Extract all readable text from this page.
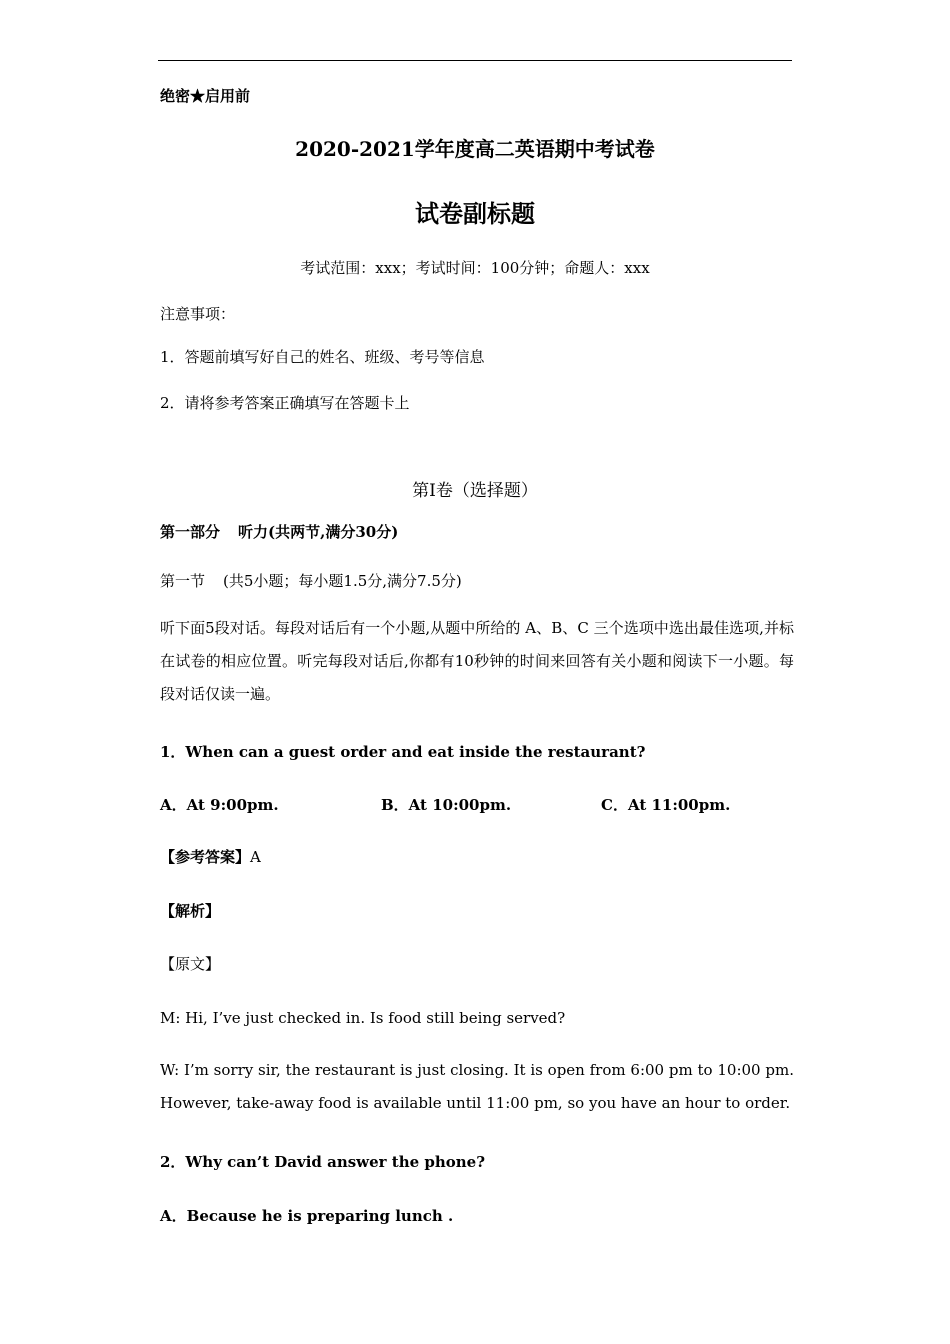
绝密★启用前
2020-2021学年度高二英语期中考试卷
试卷副标题
考试范围：xxx；考试时间：100分钟；命题人：xxx
注意事项：
1．答题前填写好自己的姓名、班级、考号等信息
2．请将参考答案正确填写在答题卡上
第I卷（选择题）
第一部分 听力(共两节,满分30分)
第一节 (共5小题；每小题1.5分,满分7.5分)
听下面5段对话。每段对话后有一个小题,从题中所给的 A、B、C 三个选项中选出最佳选项,并标在试卷的相应位置。听完每段对话后,你都有10秒钟的时间来回答有关小题和阅读下一小题。每段对话仅读一遍。
1．When can a guest order and eat inside the restaurant?
A．At 9:00pm.	B．At 10:00pm.	C．At 11:00pm.
【参考答案】A
【解析】
【原文】
M: Hi, I’ve just checked in. Is food still being served?
W: I’m sorry sir, the restaurant is just closing. It is open from 6:00 pm to 10:00 pm. However, take-away food is available until 11:00 pm, so you have an hour to order.
2．Why can’t David answer the phone?
A．Because he is preparing lunch .
